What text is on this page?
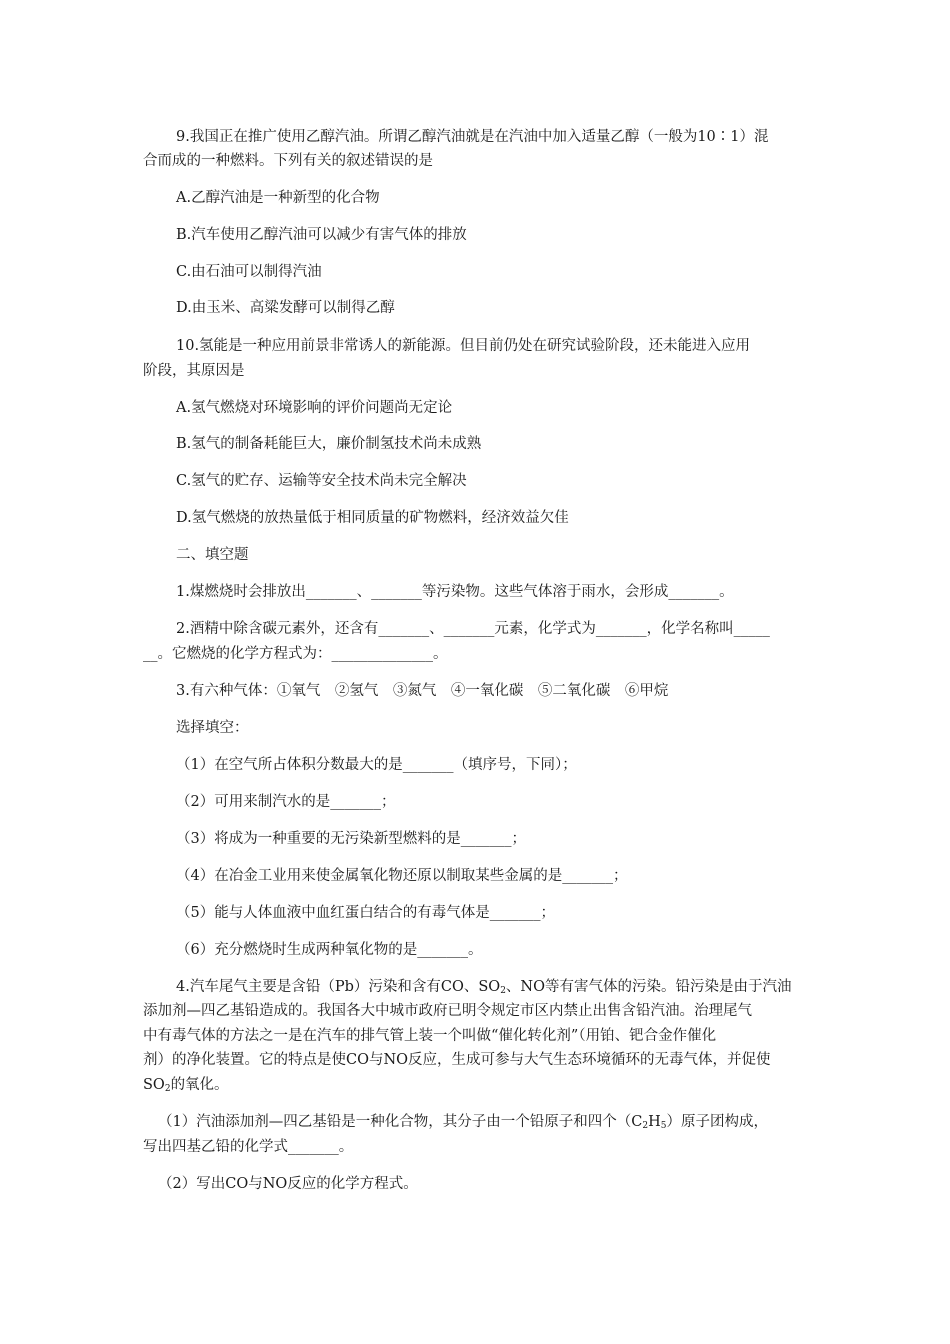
9.我国正在推广使用乙醇汽油。所谓乙醇汽油就是在汽油中加入适量乙醇（一般为10∶1）混
合而成的一种燃料。下列有关的叙述错误的是
A.乙醇汽油是一种新型的化合物
B.汽车使用乙醇汽油可以减少有害气体的排放
C.由石油可以制得汽油
D.由玉米、高粱发酵可以制得乙醇
10.氢能是一种应用前景非常诱人的新能源。但目前仍处在研究试验阶段，还未能进入应用
阶段，其原因是
A.氢气燃烧对环境影响的评价问题尚无定论
B.氢气的制备耗能巨大，廉价制氢技术尚未成熟
C.氢气的贮存、运输等安全技术尚未完全解决
D.氢气燃烧的放热量低于相同质量的矿物燃料，经济效益欠佳
二、填空题
1.煤燃烧时会排放出_______、_______等污染物。这些气体溶于雨水，会形成_______。
2.酒精中除含碳元素外，还含有_______、_______元素，化学式为_______，化学名称叫_____
__。它燃烧的化学方程式为：______________。
3.有六种气体：①氧气　②氢气　③氮气　④一氧化碳　⑤二氧化碳　⑥甲烷
选择填空：
（1）在空气所占体积分数最大的是_______（填序号，下同）；
（2）可用来制汽水的是_______；
（3）将成为一种重要的无污染新型燃料的是_______；
（4）在冶金工业用来使金属氧化物还原以制取某些金属的是_______；
（5）能与人体血液中血红蛋白结合的有毒气体是_______；
（6）充分燃烧时生成两种氧化物的是_______。
4.汽车尾气主要是含铅（Pb）污染和含有CO、$SO_2$、NO等有害气体的污染。铅污染是由于汽油
添加剂—四乙基铅造成的。我国各大中城市政府已明令规定市区内禁止出售含铅汽油。治理尾气
中有毒气体的方法之一是在汽车的排气管上装一个叫做“催化转化剂”（用铂、钯合金作催化
剂）的净化装置。它的特点是使CO与NO反应，生成可参与大气生态环境循环的无毒气体，并促使
$SO_2$的氧化。
（1）汽油添加剂—四乙基铅是一种化合物，其分子由一个铅原子和四个$(C_2H_5)$原子团构成，
写出四基乙铅的化学式_______。
（2）写出CO与NO反应的化学方程式。
